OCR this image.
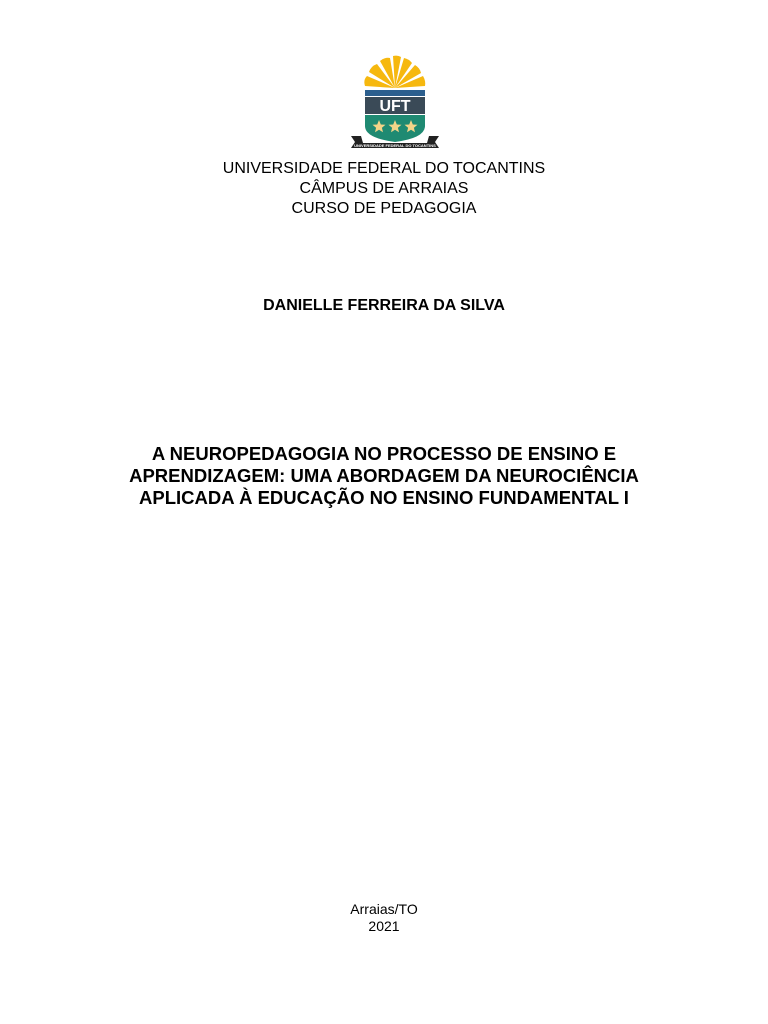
UFT
UNIVERSIDADE FEDERAL DO TOCANTINS
UNIVERSIDADE FEDERAL DO TOCANTINS
CÂMPUS DE ARRAIAS
CURSO DE PEDAGOGIA
DANIELLE FERREIRA DA SILVA
A NEUROPEDAGOGIA NO PROCESSO DE ENSINO E
APRENDIZAGEM: UMA ABORDAGEM DA NEUROCIÊNCIA
APLICADA À EDUCAÇÃO NO ENSINO FUNDAMENTAL I
Arraias/TO
2021
